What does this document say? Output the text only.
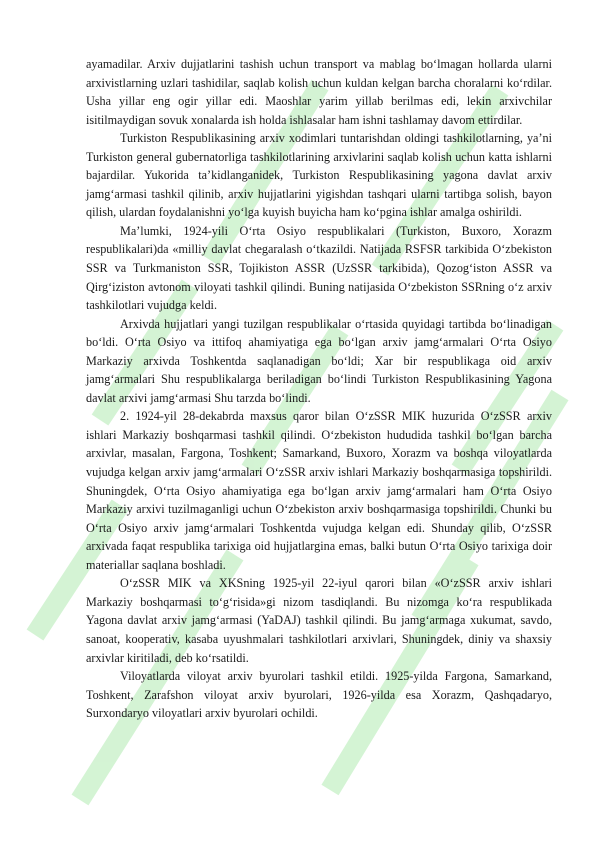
ayamadilar. Arxiv dujjatlarini tashish uchun transport va mablag bo‘lmagan hollarda ularni arxivistlarning uzlari tashidilar, saqlab kolish uchun kuldan kelgan barcha choralarni ko‘rdilar. Usha yillar eng ogir yillar edi. Maoshlar yarim yillab berilmas edi, lekin arxivchilar isitilmaydigan sovuk xonalarda ish holda ishlasalar ham ishni tashlamay davom ettirdilar.

Turkiston Respublikasining arxiv xodimlari tuntarishdan oldingi tashkilotlarning, ya’ni Turkiston general gubernatorliga tashkilotlarining arxivlarini saqlab kolish uchun katta ishlarni bajardilar. Yukorida ta’kidlanganidek, Turkiston Respublikasining yagona davlat arxiv jamg‘armasi tashkil qilinib, arxiv hujjatlarini yigishdan tashqari ularni tartibga solish, bayon qilish, ulardan foydalanishni yo‘lga kuyish buyicha ham ko‘pgina ishlar amalga oshirildi.

Ma’lumki, 1924-yili O‘rta Osiyo respublikalari (Turkiston, Buxoro, Xorazm respublikalari)da «milliy davlat chegaralash o‘tkazildi. Natijada RSFSR tarkibida O‘zbekiston SSR va Turkmaniston SSR, Tojikiston ASSR (UzSSR tarkibida), Qozog‘iston ASSR va Qirg‘iziston avtonom viloyati tashkil qilindi. Buning natijasida O‘zbekiston SSRning o‘z arxiv tashkilotlari vujudga keldi.

Arxivda hujjatlari yangi tuzilgan respublikalar o‘rtasida quyidagi tartibda bo‘linadigan bo‘ldi. O‘rta Osiyo va ittifoq ahamiyatiga ega bo‘lgan arxiv jamg‘armalari O‘rta Osiyo Markaziy arxivda Toshkentda saqlanadigan bo‘ldi; Xar bir respublikaga oid arxiv jamg‘armalari Shu respublikalarga beriladigan bo‘lindi Turkiston Respublikasining Yagona davlat arxivi jamg‘armasi Shu tarzda bo‘lindi.

2. 1924-yil 28-dekabrda maxsus qaror bilan O‘zSSR MIK huzurida O‘zSSR arxiv ishlari Markaziy boshqarmasi tashkil qilindi. O‘zbekiston hududida tashkil bo‘lgan barcha arxivlar, masalan, Fargona, Toshkent; Samarkand, Buxoro, Xorazm va boshqa viloyatlarda vujudga kelgan arxiv jamg‘armalari O‘zSSR arxiv ishlari Markaziy boshqarmasiga topshirildi. Shuningdek, O‘rta Osiyo ahamiyatiga ega bo‘lgan arxiv jamg‘armalari ham O‘rta Osiyo Markaziy arxivi tuzilmaganligi uchun O‘zbekiston arxiv boshqarmasiga topshirildi. Chunki bu O‘rta Osiyo arxiv jamg‘armalari Toshkentda vujudga kelgan edi. Shunday qilib, O‘zSSR arxivada faqat respublika tarixiga oid hujjatlargina emas, balki butun O‘rta Osiyo tarixiga doir materiallar saqlana boshladi.

O‘zSSR MIK va XKSning 1925-yil 22-iyul qarori bilan «O‘zSSR arxiv ishlari Markaziy boshqarmasi to‘g‘risida»gi nizom tasdiqlandi. Bu nizomga ko‘ra respublikada Yagona davlat arxiv jamg‘armasi (YaDAJ) tashkil qilindi. Bu jamg‘armaga xukumat, savdo, sanoat, kooperativ, kasaba uyushmalari tashkilotlari arxivlari, Shuningdek, diniy va shaxsiy arxivlar kiritiladi, deb ko‘rsatildi.

Viloyatlarda viloyat arxiv byurolari tashkil etildi. 1925-yilda Fargona, Samarkand, Toshkent, Zarafshon viloyat arxiv byurolari, 1926-yilda esa Xorazm, Qashqadaryo, Surxondaryo viloyatlari arxiv byurolari ochildi.
